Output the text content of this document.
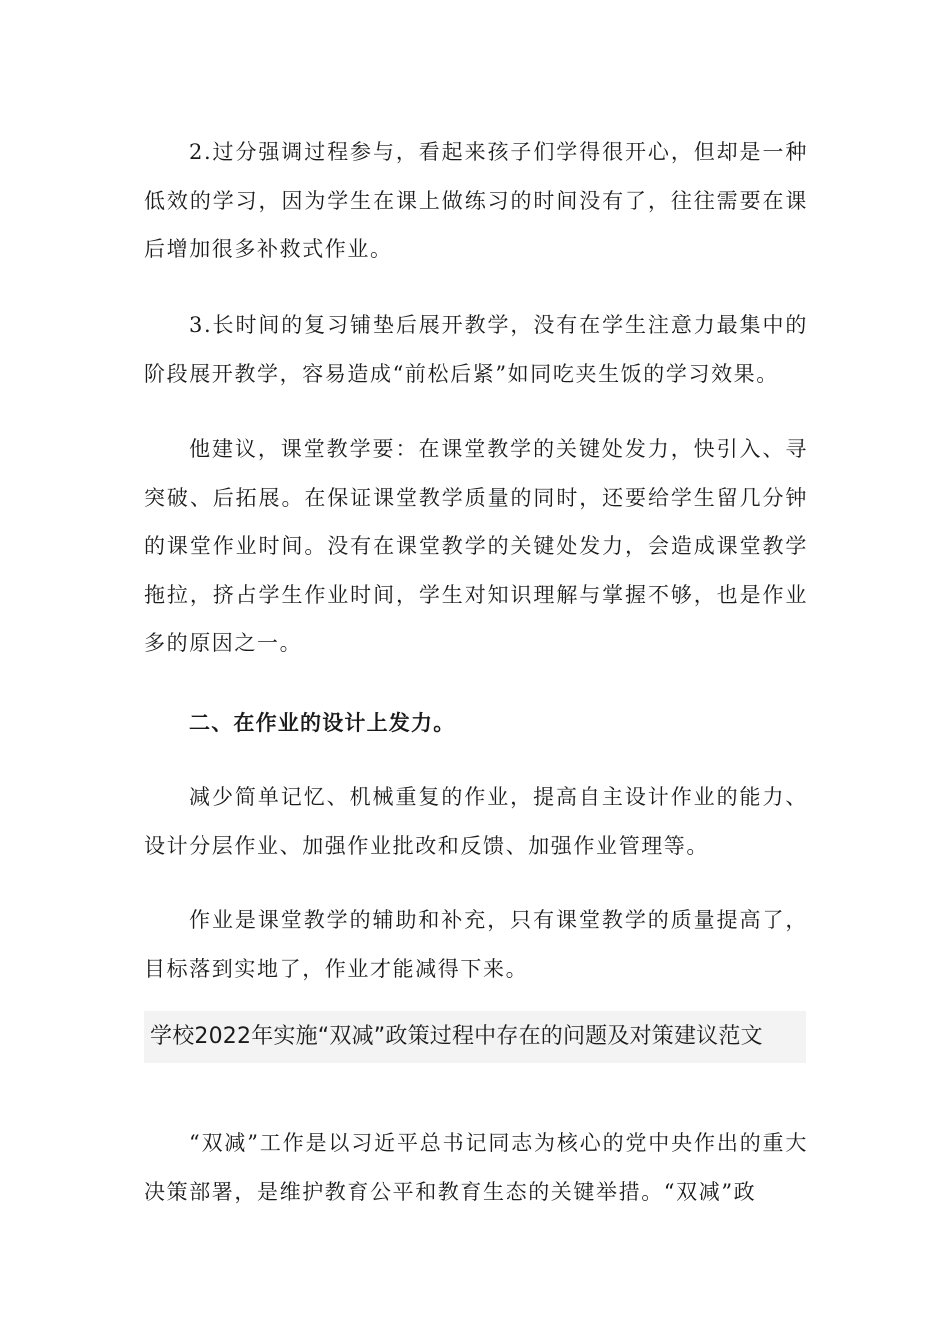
2.过分强调过程参与，看起来孩子们学得很开心，但却是一种低效的学习，因为学生在课上做练习的时间没有了，往往需要在课后增加很多补救式作业。

3.长时间的复习铺垫后展开教学，没有在学生注意力最集中的阶段展开教学，容易造成“前松后紧”如同吃夹生饭的学习效果。

他建议，课堂教学要：在课堂教学的关键处发力，快引入、寻突破、后拓展。在保证课堂教学质量的同时，还要给学生留几分钟的课堂作业时间。没有在课堂教学的关键处发力，会造成课堂教学拖拉，挤占学生作业时间，学生对知识理解与掌握不够，也是作业多的原因之一。

二、在作业的设计上发力。

减少简单记忆、机械重复的作业，提高自主设计作业的能力、设计分层作业、加强作业批改和反馈、加强作业管理等。

作业是课堂教学的辅助和补充，只有课堂教学的质量提高了，目标落到实地了，作业才能减得下来。

学校2022年实施“双减”政策过程中存在的问题及对策建议范文

“双减”工作是以习近平总书记同志为核心的党中央作出的重大决策部署，是维护教育公平和教育生态的关键举措。“双减”政
